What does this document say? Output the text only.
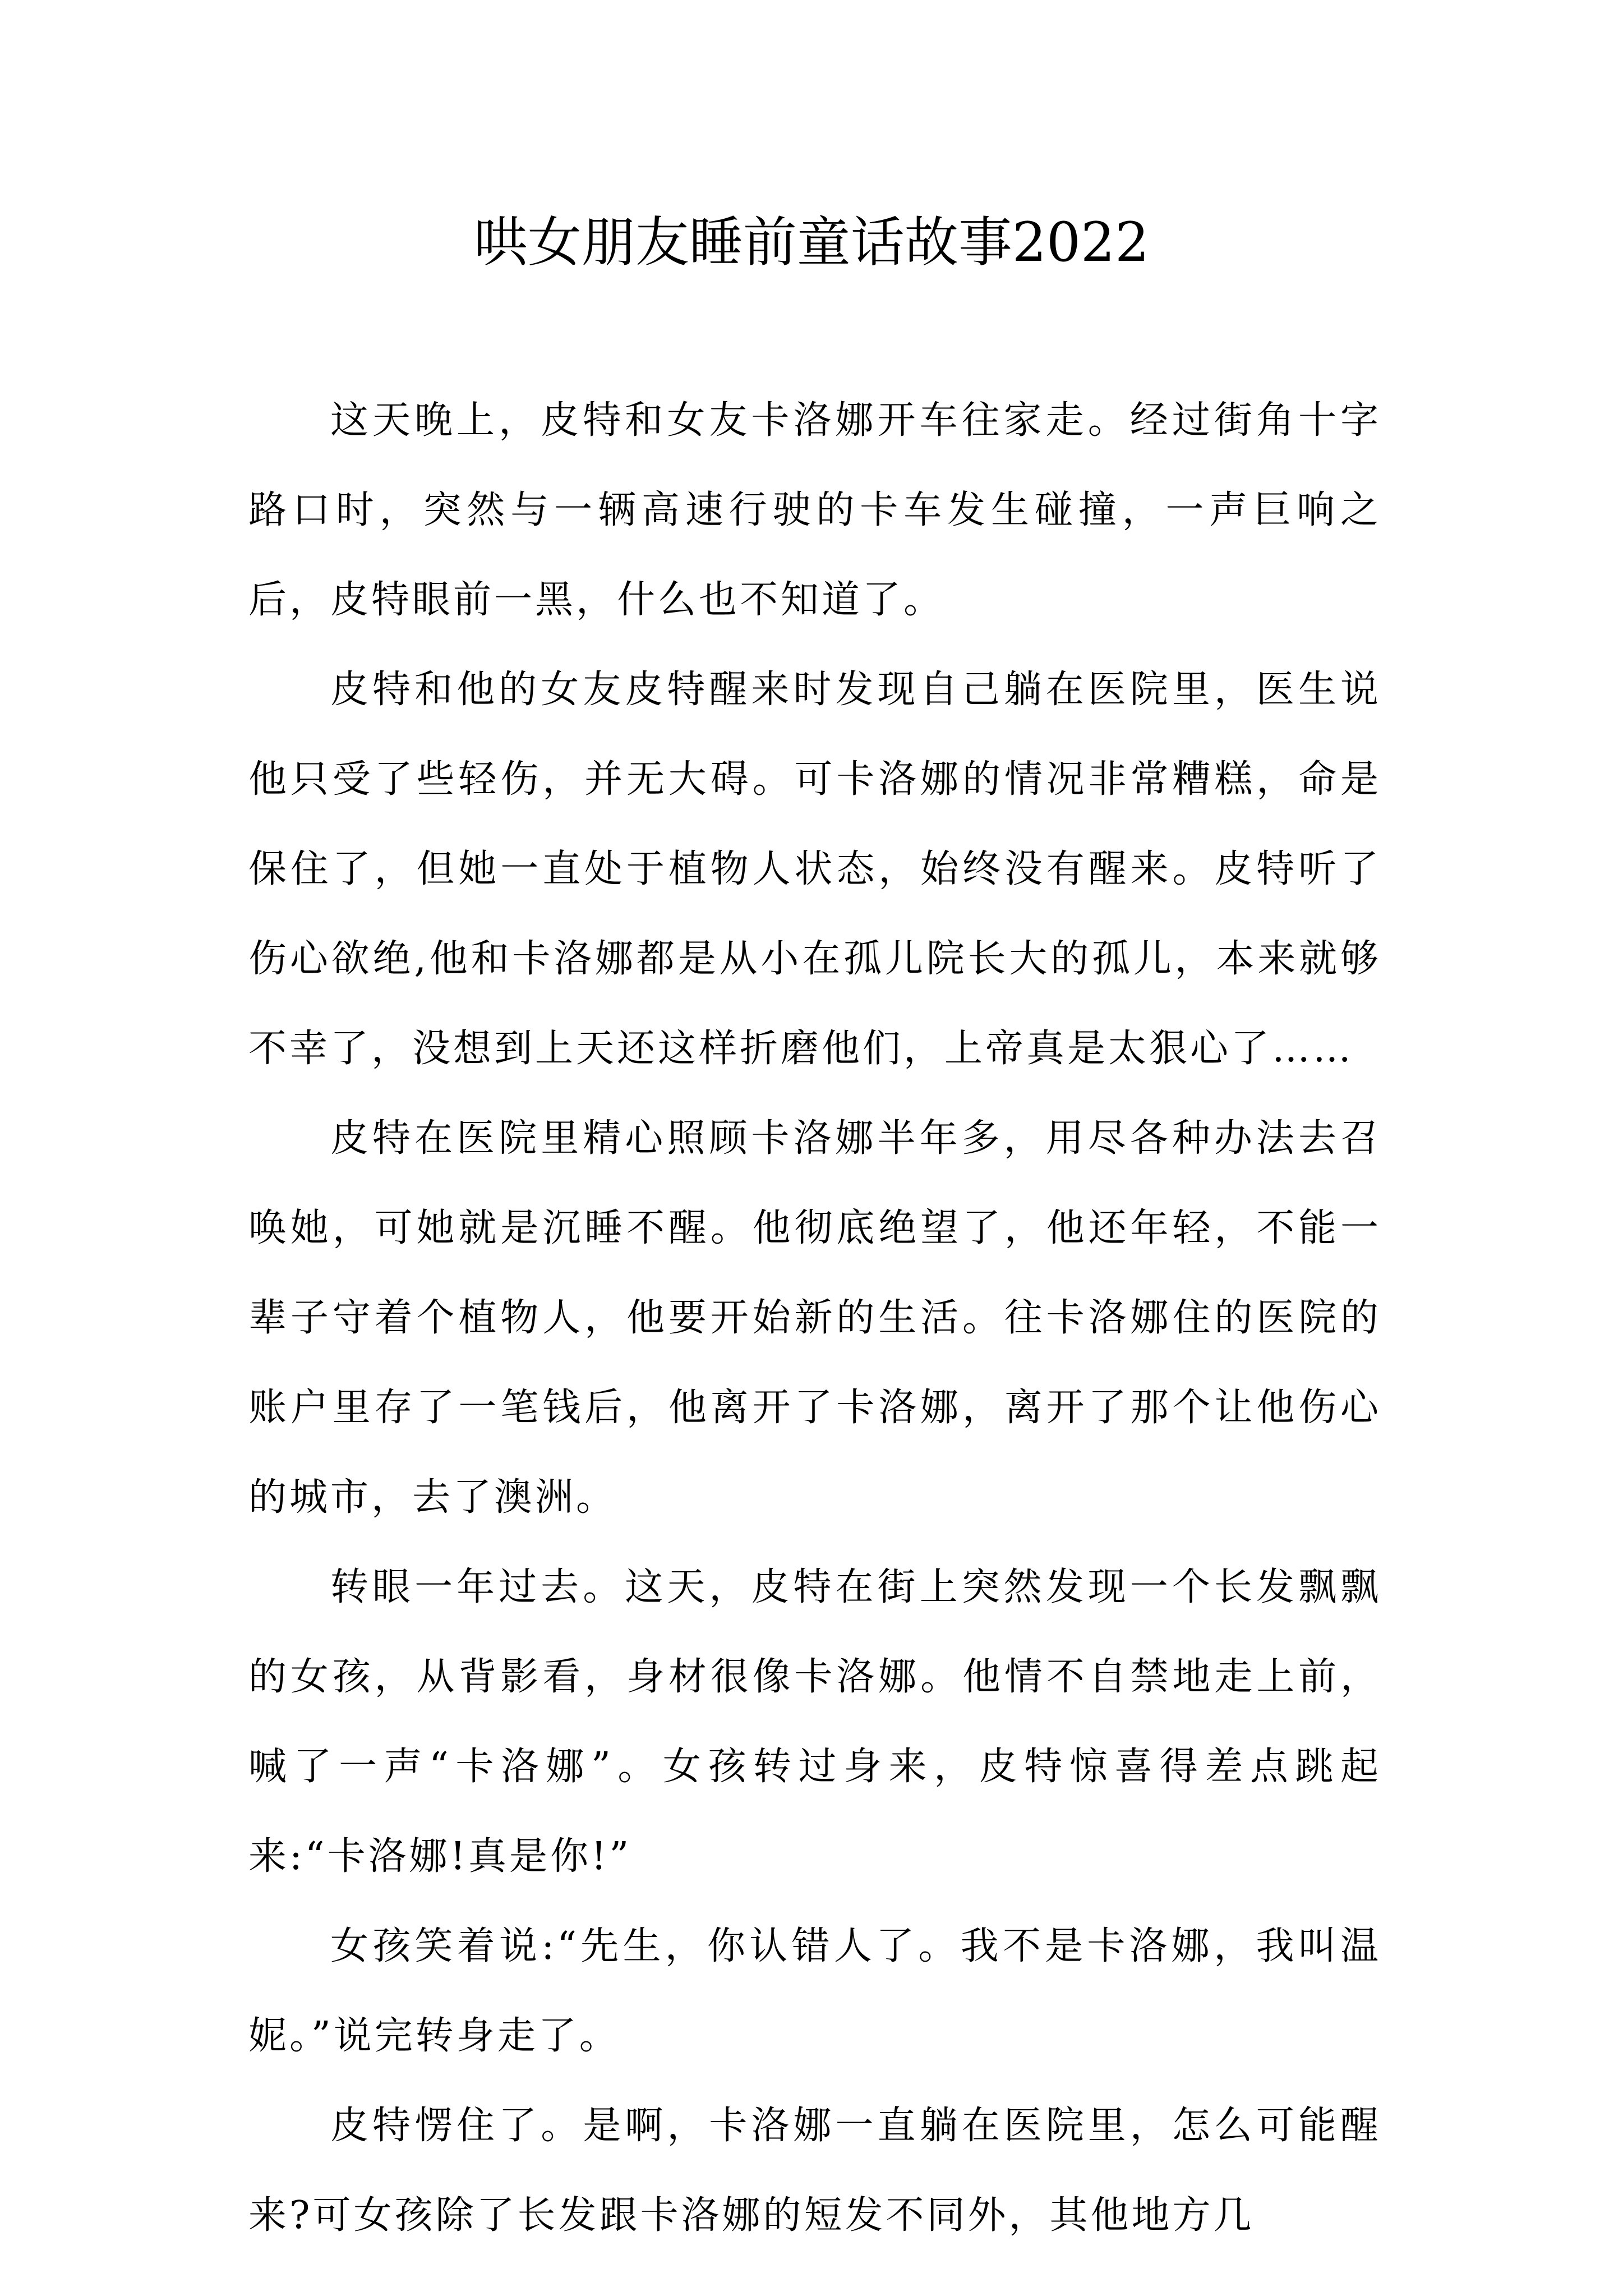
哄女朋友睡前童话故事2022

这天晚上，皮特和女友卡洛娜开车往家走。经过街角十字路口时，突然与一辆高速行驶的卡车发生碰撞，一声巨响之后，皮特眼前一黑，什么也不知道了。

皮特和他的女友皮特醒来时发现自己躺在医院里，医生说他只受了些轻伤，并无大碍。可卡洛娜的情况非常糟糕，命是保住了，但她一直处于植物人状态，始终没有醒来。皮特听了伤心欲绝,他和卡洛娜都是从小在孤儿院长大的孤儿，本来就够不幸了，没想到上天还这样折磨他们，上帝真是太狠心了……

皮特在医院里精心照顾卡洛娜半年多，用尽各种办法去召唤她，可她就是沉睡不醒。他彻底绝望了，他还年轻，不能一辈子守着个植物人，他要开始新的生活。往卡洛娜住的医院的账户里存了一笔钱后，他离开了卡洛娜，离开了那个让他伤心的城市，去了澳洲。

转眼一年过去。这天，皮特在街上突然发现一个长发飘飘的女孩，从背影看，身材很像卡洛娜。他情不自禁地走上前，喊了一声“卡洛娜”。女孩转过身来，皮特惊喜得差点跳起来:“卡洛娜!真是你!”

女孩笑着说:“先生，你认错人了。我不是卡洛娜，我叫温妮。”说完转身走了。

皮特愣住了。是啊，卡洛娜一直躺在医院里，怎么可能醒来?可女孩除了长发跟卡洛娜的短发不同外，其他地方几
